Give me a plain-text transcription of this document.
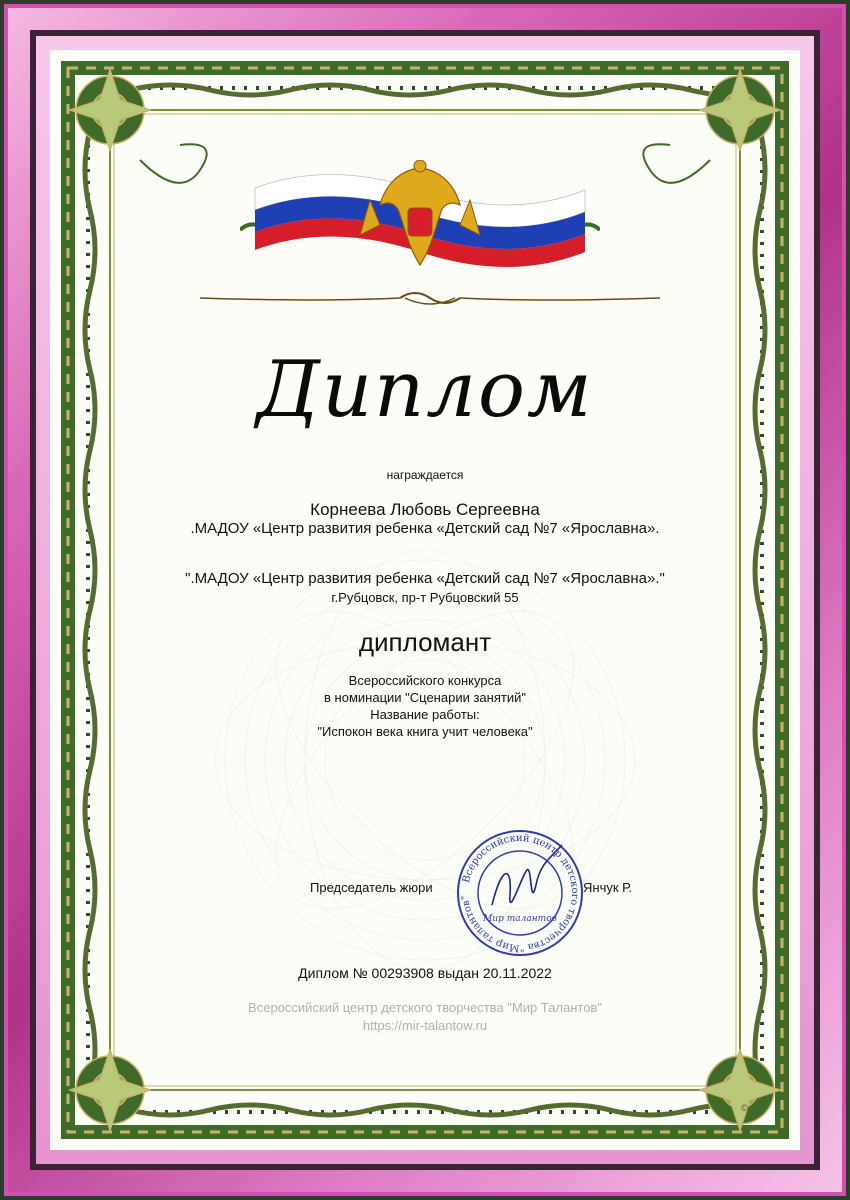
Диплом
награждается
Корнеева Любовь Сергеевна
.МАДОУ «Центр развития ребенка «Детский сад №7 «Ярославна».
".МАДОУ «Центр развития ребенка «Детский сад №7 «Ярославна»."
г.Рубцовск, пр-т Рубцовский 55
дипломант
Всероссийского конкурса
в номинации "Сценарии занятий"
Название работы:
"Испокон века книга учит человека"
Председатель жюри	Янчук Р.
Всероссийский центр детского творчества "Мир талантов"
Мир талантов
Диплом № 00293908 выдан 20.11.2022
Всероссийский центр детского творчества "Мир Талантов"
https://mir-talantow.ru
©
